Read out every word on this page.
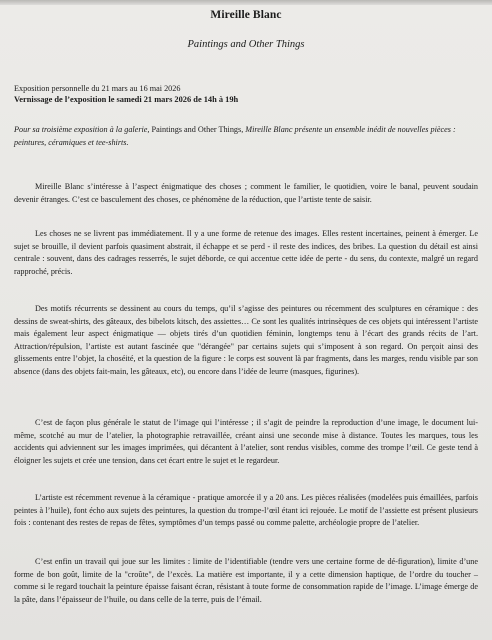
Mireille Blanc
Paintings and Other Things
Exposition personnelle du 21 mars au 16 mai 2026
Vernissage de l’exposition le samedi 21 mars 2026 de 14h à 19h
Pour sa troisième exposition à la galerie, Paintings and Other Things, Mireille Blanc présente un ensemble inédit de nouvelles pièces : peintures, céramiques et tee-shirts.

Mireille Blanc s’intéresse à l’aspect énigmatique des choses ; comment le familier, le quotidien, voire le banal, peuvent soudain devenir étranges. C’est ce basculement des choses, ce phénomène de la réduction, que l’artiste tente de saisir.

Les choses ne se livrent pas immédiatement. Il y a une forme de retenue des images. Elles restent incertaines, peinent à émerger. Le sujet se brouille, il devient parfois quasiment abstrait, il échappe et se perd - il reste des indices, des bribes. La question du détail est ainsi centrale : souvent, dans des cadrages resserrés, le sujet déborde, ce qui accentue cette idée de perte - du sens, du contexte, malgré un regard rapproché, précis.

Des motifs récurrents se dessinent au cours du temps, qu’il s’agisse des peintures ou récemment des sculptures en céramique : des dessins de sweat-shirts, des gâteaux, des bibelots kitsch, des assiettes… Ce sont les qualités intrinsèques de ces objets qui intéressent l’artiste mais également leur aspect énigmatique — objets tirés d’un quotidien féminin, longtemps tenu à l’écart des grands récits de l’art. Attraction/répulsion, l’artiste est autant fascinée que "dérangée" par certains sujets qui s’imposent à son regard. On perçoit ainsi des glissements entre l’objet, la choséité, et la question de la figure : le corps est souvent là par fragments, dans les marges, rendu visible par son absence (dans des objets fait-main, les gâteaux, etc), ou encore dans l’idée de leurre (masques, figurines).

C’est de façon plus générale le statut de l’image qui l’intéresse ; il s’agit de peindre la reproduction d’une image, le document lui-même, scotché au mur de l’atelier, la photographie retravaillée, créant ainsi une seconde mise à distance. Toutes les marques, tous les accidents qui adviennent sur les images imprimées, qui décantent à l’atelier, sont rendus visibles, comme des trompe l’œil. Ce geste tend à éloigner les sujets et crée une tension, dans cet écart entre le sujet et le regardeur.

L’artiste est récemment revenue à la céramique - pratique amorcée il y a 20 ans. Les pièces réalisées (modelées puis émaillées, parfois peintes à l’huile), font écho aux sujets des peintures, la question du trompe-l’œil étant ici rejouée. Le motif de l’assiette est présent plusieurs fois : contenant des restes de repas de fêtes, symptômes d’un temps passé ou comme palette, archéologie propre de l’atelier.

C’est enfin un travail qui joue sur les limites : limite de l’identifiable (tendre vers une certaine forme de dé-figuration), limite d’une forme de bon goût, limite de la "croûte", de l’excès. La matière est importante, il y a cette dimension haptique, de l’ordre du toucher – comme si le regard touchait la peinture épaisse faisant écran, résistant à toute forme de consommation rapide de l’image. L’image émerge de la pâte, dans l’épaisseur de l’huile, ou dans celle de la terre, puis de l’émail.
